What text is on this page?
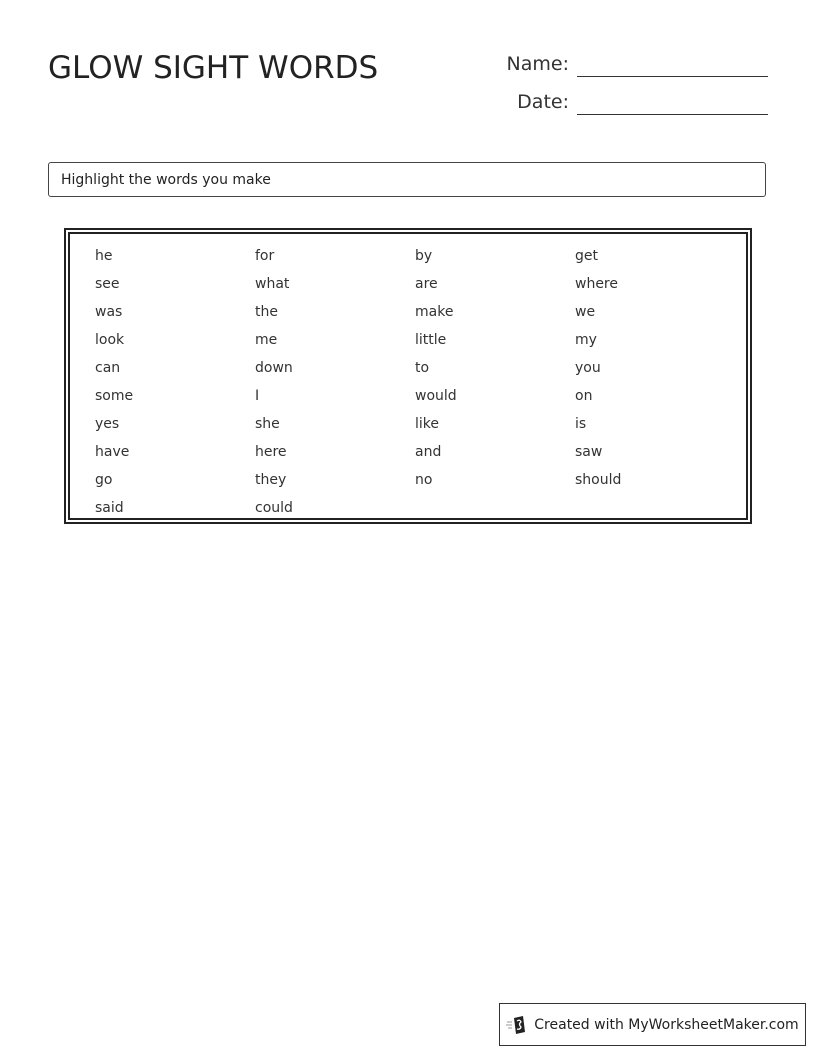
GLOW SIGHT WORDS	Name:
Date:
Highlight the words you make
he	for	by	get
see	what	are	where
was	the	make	we
look	me	little	my
can	down	to	you
some	I	would	on
yes	she	like	is
have	here	and	saw
go	they	no	should
said	could
Created with MyWorksheetMaker.com
